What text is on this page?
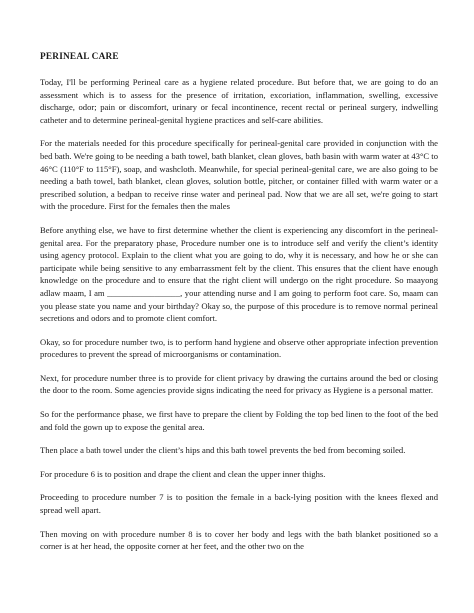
PERINEAL CARE

Today, I'll be performing Perineal care as a hygiene related procedure. But before that, we are going to do an assessment which is to assess for the presence of irritation, excoriation, inflammation, swelling, excessive discharge, odor; pain or discomfort, urinary or fecal incontinence, recent rectal or perineal surgery, indwelling catheter and to determine perineal-genital hygiene practices and self-care abilities.

For the materials needed for this procedure specifically for perineal-genital care provided in conjunction with the bed bath. We're going to be needing a bath towel, bath blanket, clean gloves, bath basin with warm water at 43°C to 46°C (110°F to 115°F), soap, and washcloth. Meanwhile, for special perineal-genital care, we are also going to be needing a bath towel, bath blanket, clean gloves, solution bottle, pitcher, or container filled with warm water or a prescribed solution, a bedpan to receive rinse water and perineal pad. Now that we are all set, we're going to start with the procedure. First for the females then the males

Before anything else, we have to first determine whether the client is experiencing any discomfort in the perineal-genital area. For the preparatory phase, Procedure number one is to introduce self and verify the client’s identity using agency protocol. Explain to the client what you are going to do, why it is necessary, and how he or she can participate while being sensitive to any embarrassment felt by the client. This ensures that the client have enough knowledge on the procedure and to ensure that the right client will undergo on the right procedure. So maayong adlaw maam, I am _________________, your attending nurse and I am going to perform foot care. So, maam can you please state you name and your birthday? Okay so, the purpose of this procedure is to remove normal perineal secretions and odors and to promote client comfort.

Okay, so for procedure number two, is to perform hand hygiene and observe other appropriate infection prevention procedures to prevent the spread of microorganisms or contamination.

Next, for procedure number three is to provide for client privacy by drawing the curtains around the bed or closing the door to the room. Some agencies provide signs indicating the need for privacy as Hygiene is a personal matter.

So for the performance phase, we first have to prepare the client by Folding the top bed linen to the foot of the bed and fold the gown up to expose the genital area.

Then place a bath towel under the client’s hips and this bath towel prevents the bed from becoming soiled.

For procedure 6 is to position and drape the client and clean the upper inner thighs.

Proceeding to procedure number 7 is to position the female in a back-lying position with the knees flexed and spread well apart.

Then moving on with procedure number 8 is to cover her body and legs with the bath blanket positioned so a corner is at her head, the opposite corner at her feet, and the other two on the
